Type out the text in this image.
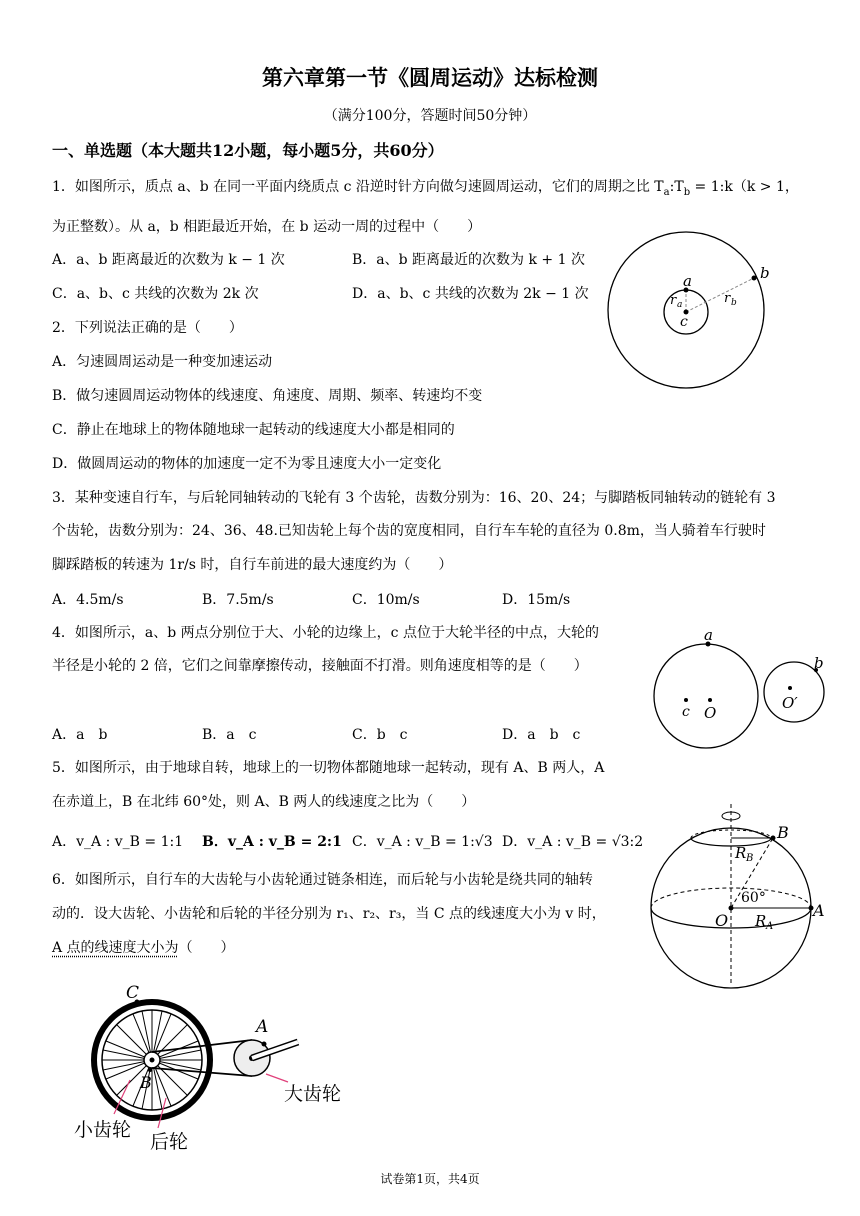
第六章第一节《圆周运动》达标检测
（满分100分，答题时间50分钟）
一、单选题（本大题共12小题，每小题5分，共60分）
1．如图所示，质点 a、b 在同一平面内绕质点 c 沿逆时针方向做匀速圆周运动，它们的周期之比 $T_a:T_b$ = 1:k（k > 1，
为正整数）。从 a，b 相距最近开始，在 b 运动一周的过程中（　　）
A．a、b 距离最近的次数为 k − 1 次	B．a、b 距离最近的次数为 k + 1 次
C．a、b、c 共线的次数为 2k 次	D．a、b、c 共线的次数为 2k − 1 次
a	b
c
r a	r b
2．下列说法正确的是（　　）
A．匀速圆周运动是一种变加速运动
B．做匀速圆周运动物体的线速度、角速度、周期、频率、转速均不变
C．静止在地球上的物体随地球一起转动的线速度大小都是相同的
D．做圆周运动的物体的加速度一定不为零且速度大小一定变化
3．某种变速自行车，与后轮同轴转动的飞轮有 3 个齿轮，齿数分别为：16、20、24；与脚踏板同轴转动的链轮有 3
个齿轮，齿数分别为：24、36、48.已知齿轮上每个齿的宽度相同，自行车车轮的直径为 0.8m，当人骑着车行驶时
脚踩踏板的转速为 1r/s 时，自行车前进的最大速度约为（　　）
A．4.5m/s	B．7.5m/s	C．10m/s	D．15m/s
4．如图所示，a、b 两点分别位于大、小轮的边缘上，c 点位于大轮半径的中点，大轮的
半径是小轮的 2 倍，它们之间靠摩擦传动，接触面不打滑。则角速度相等的是（　　）
A．a　b	B．a　c	C．b　c	D．a　b　c
a
b
c O
O′
5．如图所示，由于地球自转，地球上的一切物体都随地球一起转动，现有 A、B 两人，A
在赤道上，B 在北纬 60°处，则 A、B 两人的线速度之比为（　　）
A．v_A : v_B = 1:1 B．v_A : v_B = 2:1 C．v_A : v_B = 1:√3 D．v_A : v_B = √3:2	B
A
O R A
R B
60°
6．如图所示，自行车的大齿轮与小齿轮通过链条相连，而后轮与小齿轮是绕共同的轴转
动的．设大齿轮、小齿轮和后轮的半径分别为 r₁、r₂、r₃，当 C 点的线速度大小为 v 时，
A 点的线速度大小为（　　）
C
A
B
大齿轮
小齿轮
后轮
试卷第1页，共4页
